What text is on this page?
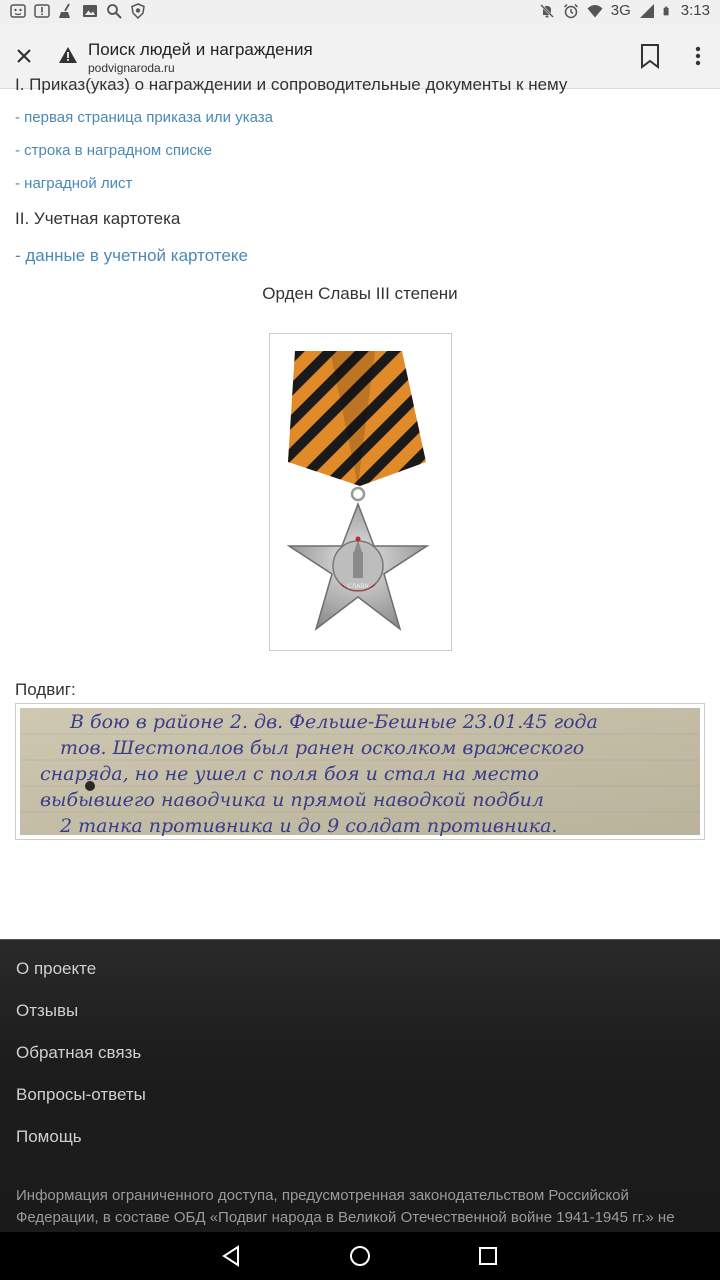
3G	3:13
Поиск людей и награждения
podvignaroda.ru
I. Приказ(указ) о награждении и сопроводительные документы к нему
- первая страница приказа или указа
- строка в наградном списке
- наградной лист
II. Учетная картотека
- данные в учетной картотеке
Орден Славы III степени
СЛАВА
Подвиг:
В бою в районе 2. дв. Фельше-Бешные 23.01.45 года
тов. Шестопалов был ранен осколком вражеского
снаряда, но не ушел с поля боя и стал на место
выбывшего наводчика и прямой наводкой подбил
2 танка противника и до 9 солдат противника.
О проекте
Отзывы
Обратная связь
Вопросы-ответы
Помощь
Информация ограниченного доступа, предусмотренная законодательством Российской Федерации, в составе ОБД «Подвиг народа в Великой Отечественной войне 1941-1945 гг.» не
